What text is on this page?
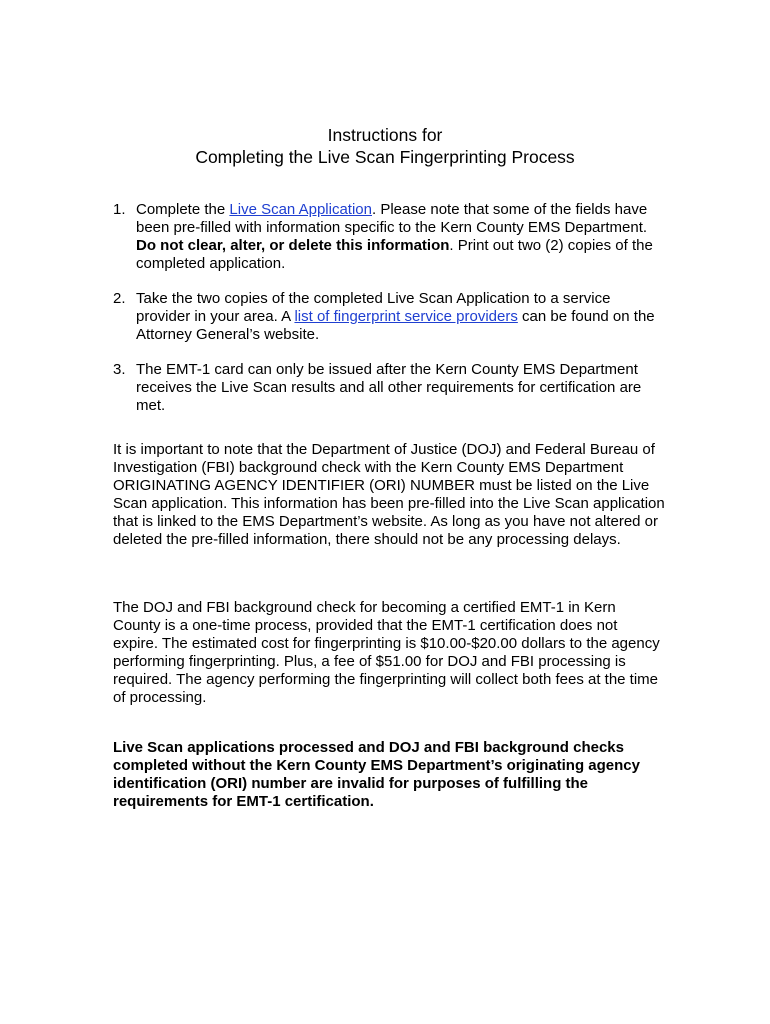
Instructions for
Completing the Live Scan Fingerprinting Process
1. Complete the Live Scan Application. Please note that some of the fields have been pre-filled with information specific to the Kern County EMS Department. Do not clear, alter, or delete this information. Print out two (2) copies of the completed application.
2. Take the two copies of the completed Live Scan Application to a service provider in your area. A list of fingerprint service providers can be found on the Attorney General’s website.
3. The EMT-1 card can only be issued after the Kern County EMS Department receives the Live Scan results and all other requirements for certification are met.

It is important to note that the Department of Justice (DOJ) and Federal Bureau of Investigation (FBI) background check with the Kern County EMS Department ORIGINATING AGENCY IDENTIFIER (ORI) NUMBER must be listed on the Live Scan application. This information has been pre-filled into the Live Scan application that is linked to the EMS Department’s website. As long as you have not altered or deleted the pre-filled information, there should not be any processing delays.

The DOJ and FBI background check for becoming a certified EMT-1 in Kern County is a one-time process, provided that the EMT-1 certification does not expire. The estimated cost for fingerprinting is $10.00-$20.00 dollars to the agency performing fingerprinting. Plus, a fee of $51.00 for DOJ and FBI processing is required. The agency performing the fingerprinting will collect both fees at the time of processing.

Live Scan applications processed and DOJ and FBI background checks completed without the Kern County EMS Department’s originating agency identification (ORI) number are invalid for purposes of fulfilling the requirements for EMT-1 certification.
